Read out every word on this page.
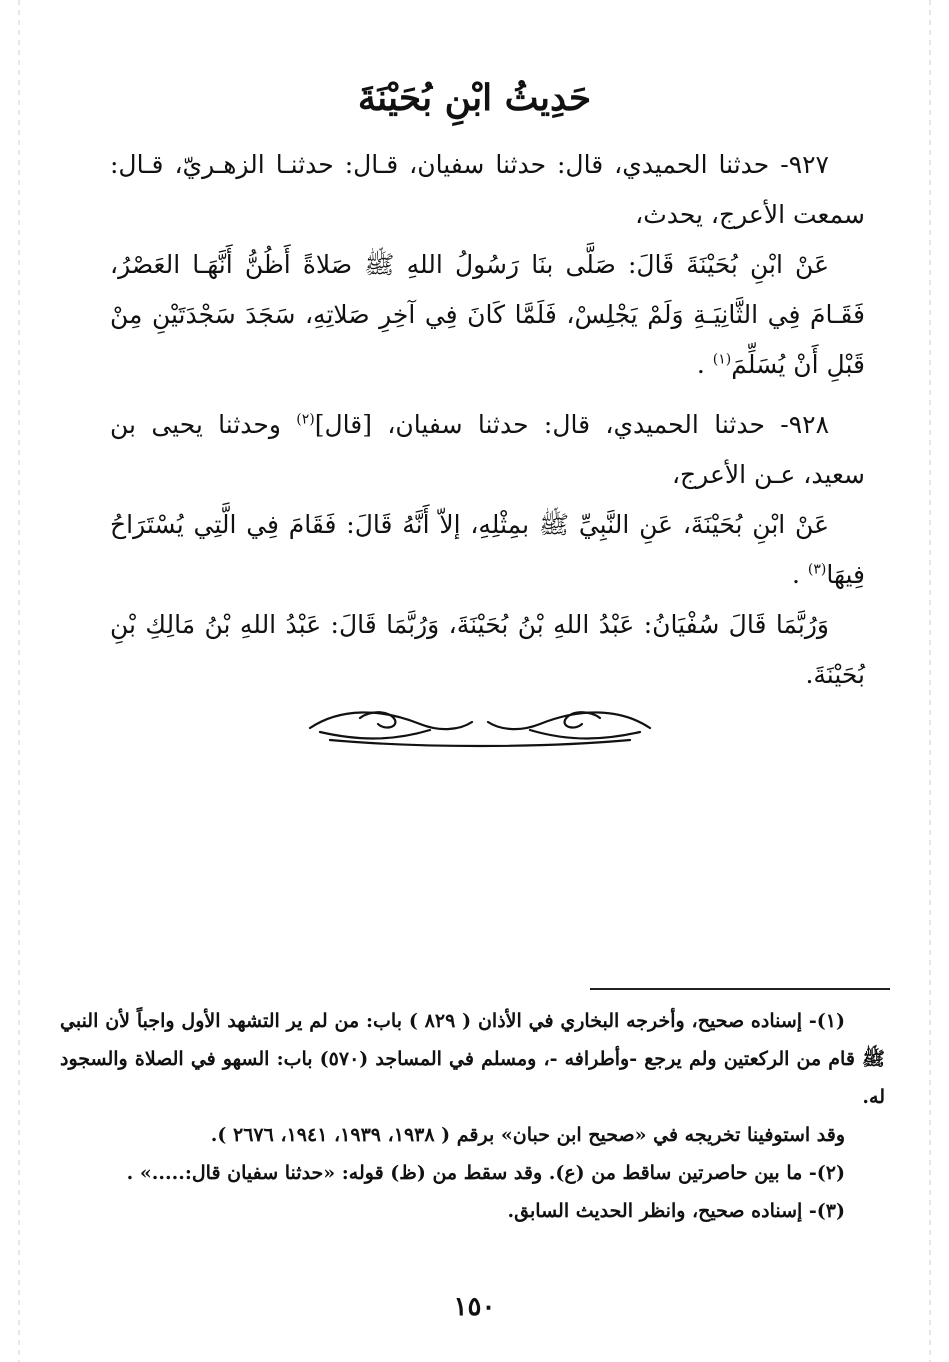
حَدِيثُ ابْنِ بُحَيْنَةَ

٩٢٧- حدثنا الحميدي، قال: حدثنا سفيان، قـال: حدثنـا الزهـريّ، قـال: سمعت الأعرج، يحدث،

عَنْ ابْنِ بُحَيْنَةَ قَالَ: صَلَّى بنَا رَسُولُ اللهِ ﷺ صَلاةً أَظُنُّ أَنَّهَـا العَصْرُ، فَقَـامَ فِي الثَّانِيَـةِ وَلَمْ يَجْلِسْ، فَلَمَّا كَانَ فِي آخِرِ صَلاتِهِ، سَجَدَ سَجْدَتَيْنِ مِنْ قَبْلِ أَنْ يُسَلِّمَ$^{(١)}$ .

٩٢٨- حدثنا الحميدي، قال: حدثنا سفيان، [قال]$^{(٢)}$ وحدثنا يحيى بن سعيد، عـن الأعرج،

عَنْ ابْنِ بُحَيْنَةَ، عَنِ النَّبِيِّ ﷺ بمِثْلِهِ، إلاّ أَنَّهُ قَالَ: فَقَامَ فِي الَّتِي يُسْتَرَاحُ فِيهَا$^{(٣)}$ .

وَرُبَّمَا قَالَ سُفْيَانُ: عَبْدُ اللهِ بْنُ بُحَيْنَةَ، وَرُبَّمَا قَالَ: عَبْدُ اللهِ بْنُ مَالِكِ بْنِ بُحَيْنَةَ.

(١)- إسناده صحيح، وأخرجه البخاري في الأذان ( ٨٢٩ ) باب: من لم ير التشهد الأول واجباً لأن النبي ﷺ قام من الركعتين ولم يرجع -وأطرافه -، ومسلم في المساجد (٥٧٠) باب: السهو في الصلاة والسجود له.

وقد استوفينا تخريجه في «صحيح ابن حبان» برقم ( ١٩٣٨، ١٩٣٩، ١٩٤١، ٢٦٧٦ ).

(٢)- ما بين حاصرتين ساقط من (ع). وقد سقط من (ظ) قوله: «حدثنا سفيان قال:.....» .

(٣)- إسناده صحيح، وانظر الحديث السابق.

١٥٠
